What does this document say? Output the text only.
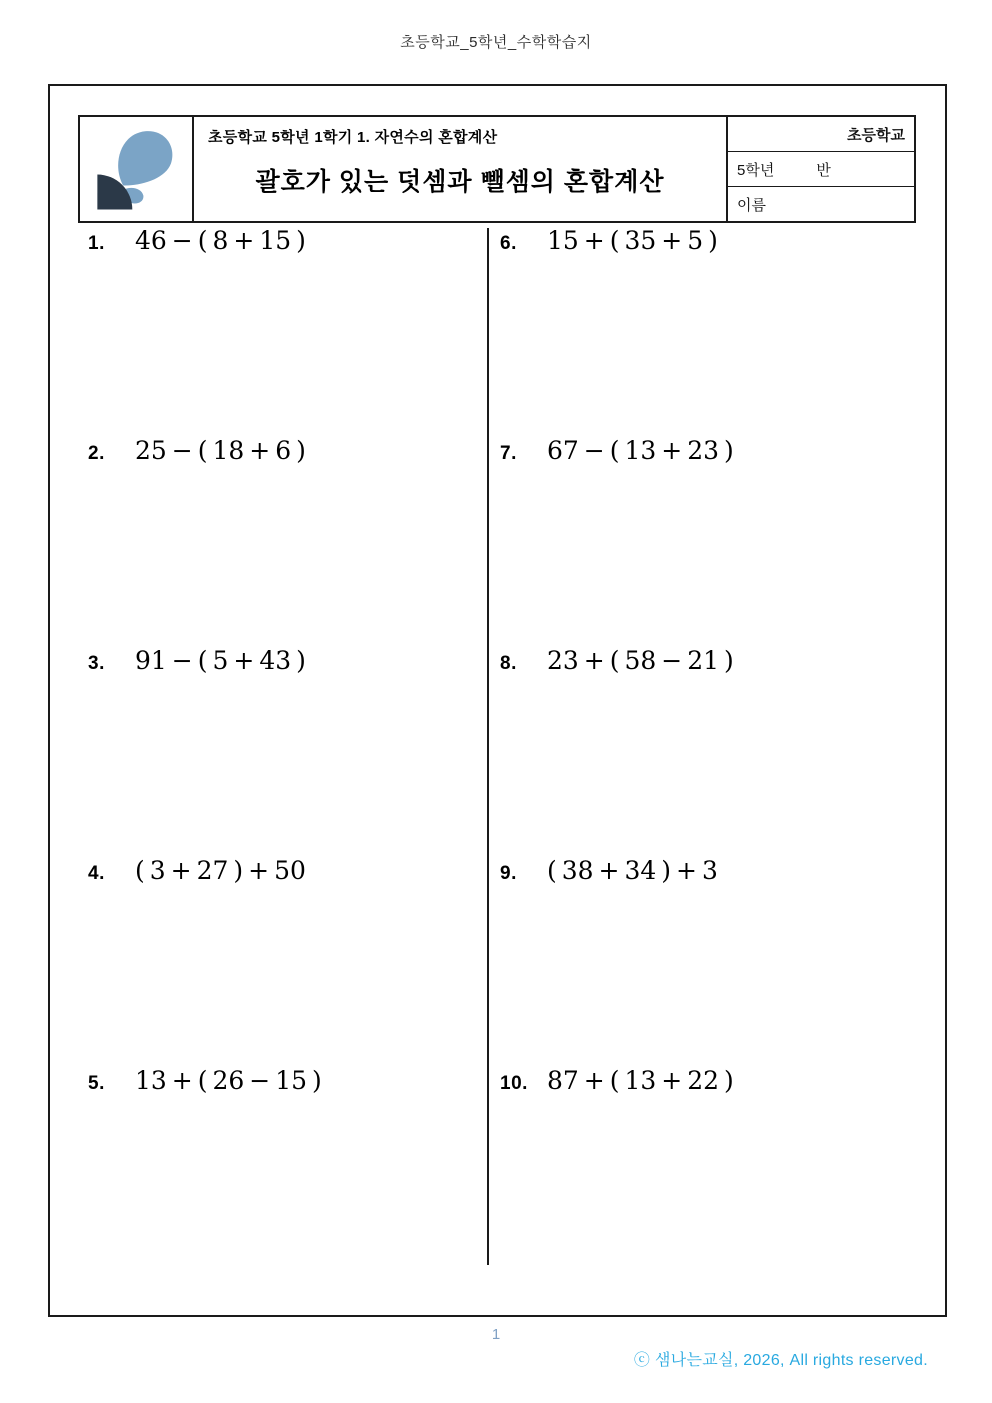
초등학교_5학년_수학학습지
초등학교 5학년 1학기 1. 자연수의 혼합계산
괄호가 있는 덧셈과 뺄셈의 혼합계산
초등학교
5학년	반
이름
1.	46 − ( 8 + 15 )
2.	25 − ( 18 + 6 )
3.	91 − ( 5 + 43 )
4.	( 3 + 27 ) + 50
5.	13 + ( 26 − 15 )
6.	15 + ( 35 + 5 )
7.	67 − ( 13 + 23 )
8.	23 + ( 58 − 21 )
9.	( 38 + 34 ) + 3
10. 87 + ( 13 + 22 )
1
ⓒ 샘나는교실, 2026, All rights reserved.
